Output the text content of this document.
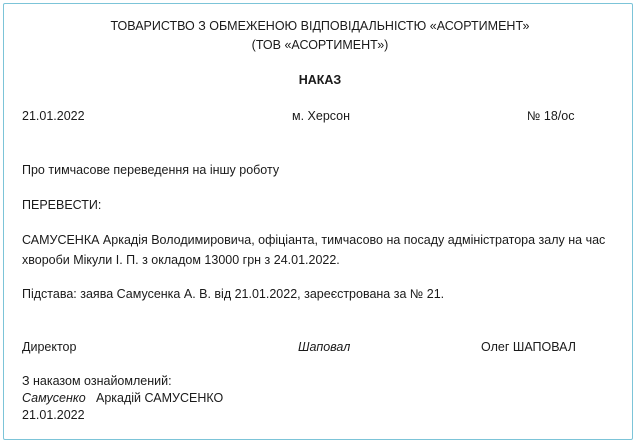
ТОВАРИСТВО З ОБМЕЖЕНОЮ ВІДПОВІДАЛЬНІСТЮ «АСОРТИМЕНТ»
(ТОВ «АСОРТИМЕНТ»)
НАКАЗ
21.01.2022	м. Херсон	№ 18/ос
Про тимчасове переведення на іншу роботу
ПЕРЕВЕСТИ:
САМУСЕНКА Аркадія Володимировича, офіціанта, тимчасово на посаду адміністратора залу на час
хвороби Мікули І. П. з окладом 13000 грн з 24.01.2022.
Підстава: заява Самусенка А. В. від 21.01.2022, зареєстрована за № 21.
Директор	Шаповал	Олег ШАПОВАЛ
З наказом ознайомлений:
Самусенко Аркадій САМУСЕНКО
21.01.2022
